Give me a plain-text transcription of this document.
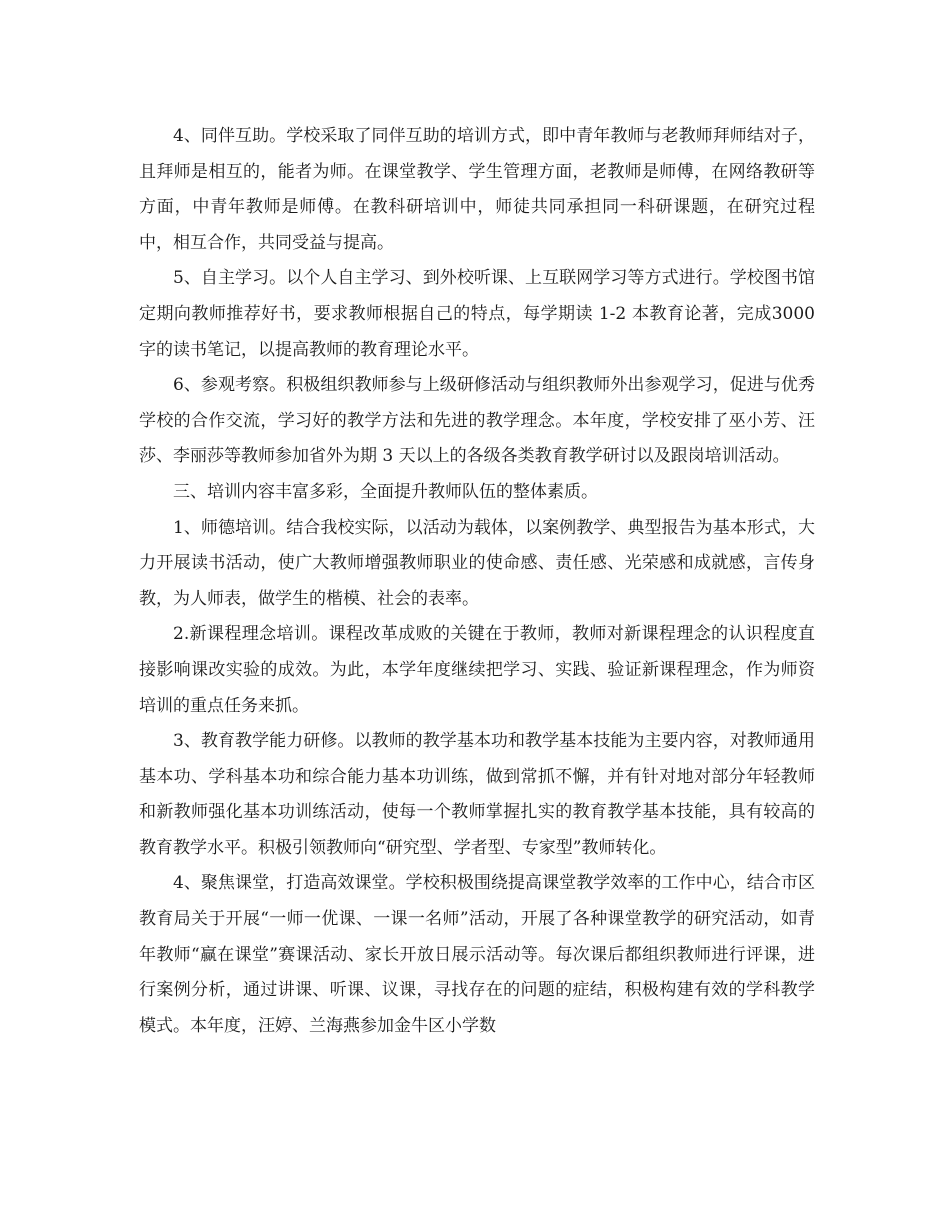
4、同伴互助。学校采取了同伴互助的培训方式，即中青年教师与老教师拜师结对子，且拜师是相互的，能者为师。在课堂教学、学生管理方面，老教师是师傅，在网络教研等方面，中青年教师是师傅。在教科研培训中，师徒共同承担同一科研课题，在研究过程中，相互合作，共同受益与提高。

5、自主学习。以个人自主学习、到外校听课、上互联网学习等方式进行。学校图书馆定期向教师推荐好书，要求教师根据自己的特点，每学期读 1-2 本教育论著，完成3000字的读书笔记，以提高教师的教育理论水平。

6、参观考察。积极组织教师参与上级研修活动与组织教师外出参观学习，促进与优秀学校的合作交流，学习好的教学方法和先进的教学理念。本年度，学校安排了巫小芳、汪莎、李丽莎等教师参加省外为期 3 天以上的各级各类教育教学研讨以及跟岗培训活动。

三、培训内容丰富多彩，全面提升教师队伍的整体素质。

1、师德培训。结合我校实际，以活动为载体，以案例教学、典型报告为基本形式，大力开展读书活动，使广大教师增强教师职业的使命感、责任感、光荣感和成就感，言传身教，为人师表，做学生的楷模、社会的表率。

2.新课程理念培训。课程改革成败的关键在于教师，教师对新课程理念的认识程度直接影响课改实验的成效。为此，本学年度继续把学习、实践、验证新课程理念，作为师资培训的重点任务来抓。

3、教育教学能力研修。以教师的教学基本功和教学基本技能为主要内容，对教师通用基本功、学科基本功和综合能力基本功训练，做到常抓不懈，并有针对地对部分年轻教师和新教师强化基本功训练活动，使每一个教师掌握扎实的教育教学基本技能，具有较高的教育教学水平。积极引领教师向“研究型、学者型、专家型”教师转化。

4、聚焦课堂，打造高效课堂。学校积极围绕提高课堂教学效率的工作中心，结合市区教育局关于开展“一师一优课、一课一名师”活动，开展了各种课堂教学的研究活动，如青年教师“赢在课堂”赛课活动、家长开放日展示活动等。每次课后都组织教师进行评课，进行案例分析，通过讲课、听课、议课，寻找存在的问题的症结，积极构建有效的学科教学模式。本年度，汪婷、兰海燕参加金牛区小学数
